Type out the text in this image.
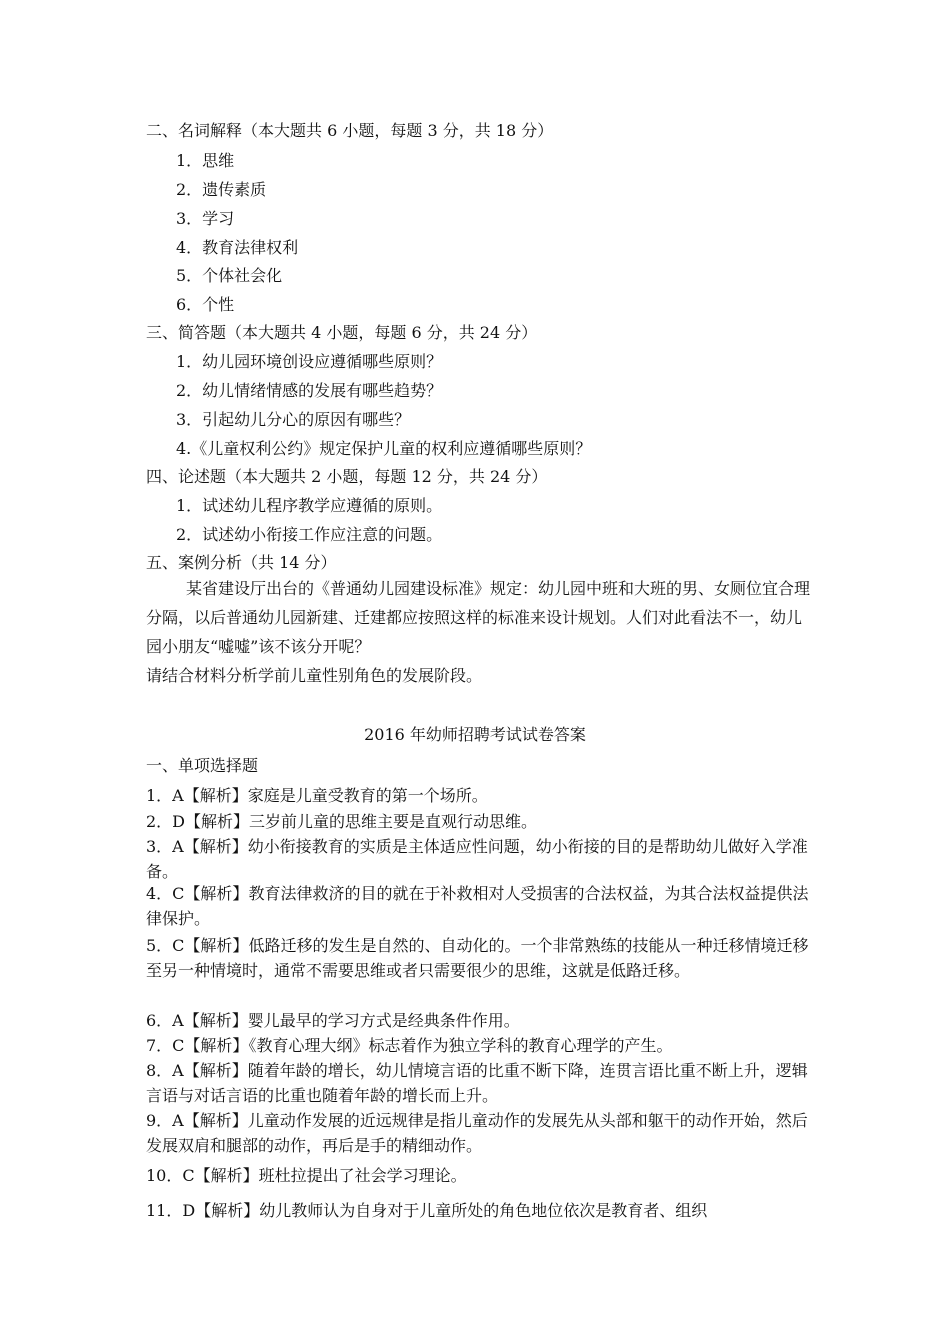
二、名词解释（本大题共 6 小题，每题 3 分，共 18 分）

1．思维

2．遗传素质

3．学习

4．教育法律权利

5．个体社会化

6．个性

三、简答题（本大题共 4 小题，每题 6 分，共 24 分）

1．幼儿园环境创设应遵循哪些原则？

2．幼儿情绪情感的发展有哪些趋势？

3．引起幼儿分心的原因有哪些？

4.《儿童权利公约》规定保护儿童的权利应遵循哪些原则？

四、论述题（本大题共 2 小题，每题 12 分，共 24 分）

1．试述幼儿程序教学应遵循的原则。

2．试述幼小衔接工作应注意的问题。

五、案例分析（共 14 分）

某省建设厅出台的《普通幼儿园建设标准》规定：幼儿园中班和大班的男、女厕位宜合理分隔，以后普通幼儿园新建、迁建都应按照这样的标准来设计规划。人们对此看法不一，幼儿园小朋友“嘘嘘”该不该分开呢？

请结合材料分析学前儿童性别角色的发展阶段。

2016 年幼师招聘考试试卷答案
一、单项选择题

1．A【解析】家庭是儿童受教育的第一个场所。

2．D【解析】三岁前儿童的思维主要是直观行动思维。

3．A【解析】幼小衔接教育的实质是主体适应性问题，幼小衔接的目的是帮助幼儿做好入学准备。

4．C【解析】教育法律救济的目的就在于补救相对人受损害的合法权益，为其合法权益提供法律保护。

5．C【解析】低路迁移的发生是自然的、自动化的。一个非常熟练的技能从一种迁移情境迁移至另一种情境时，通常不需要思维或者只需要很少的思维，这就是低路迁移。

6．A【解析】婴儿最早的学习方式是经典条件作用。

7．C【解析】《教育心理大纲》标志着作为独立学科的教育心理学的产生。

8．A【解析】随着年龄的增长，幼儿情境言语的比重不断下降，连贯言语比重不断上升，逻辑言语与对话言语的比重也随着年龄的增长而上升。

9．A【解析】儿童动作发展的近远规律是指儿童动作的发展先从头部和躯干的动作开始，然后发展双肩和腿部的动作，再后是手的精细动作。

10．C【解析】班杜拉提出了社会学习理论。

11．D【解析】幼儿教师认为自身对于儿童所处的角色地位依次是教育者、组织
